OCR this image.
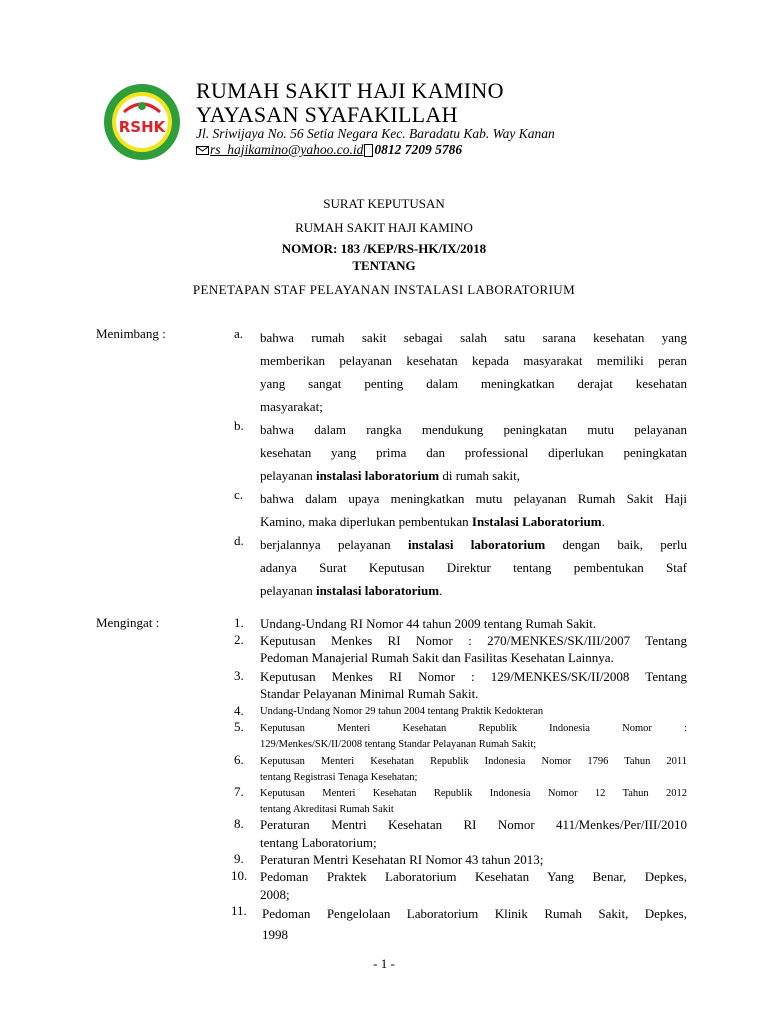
RSHK
RUMAH SAKIT HAJI KAMINO
YAYASAN SYAFAKILLAH
Jl. Sriwijaya No. 56 Setia Negara Kec. Baradatu Kab. Way Kanan
rs_hajikamino@yahoo.co.id 0812 7209 5786
SURAT KEPUTUSAN
RUMAH SAKIT HAJI KAMINO
NOMOR: 183 /KEP/RS-HK/IX/2018
TENTANG
PENETAPAN STAF PELAYANAN INSTALASI LABORATORIUM
Menimbang :	a. bahwa rumah sakit sebagai salah satu sarana kesehatan yang
memberikan pelayanan kesehatan kepada masyarakat memiliki peran
yang sangat penting dalam meningkatkan derajat kesehatan
masyarakat;
b. bahwa dalam rangka mendukung peningkatan mutu pelayanan
kesehatan yang prima dan professional diperlukan peningkatan
pelayanan instalasi laboratorium di rumah sakit,
c. bahwa dalam upaya meningkatkan mutu pelayanan Rumah Sakit Haji
Kamino, maka diperlukan pembentukan Instalasi Laboratorium.
d. berjalannya pelayanan instalasi laboratorium dengan baik, perlu
adanya Surat Keputusan Direktur tentang pembentukan Staf
pelayanan instalasi laboratorium.
Mengingat :	1. Undang-Undang RI Nomor 44 tahun 2009 tentang Rumah Sakit.
2. Keputusan Menkes RI Nomor : 270/MENKES/SK/III/2007 Tentang
Pedoman Manajerial Rumah Sakit dan Fasilitas Kesehatan Lainnya.
3. Keputusan Menkes RI Nomor : 129/MENKES/SK/II/2008 Tentang
Standar Pelayanan Minimal Rumah Sakit.
4. Undang-Undang Nomor 29 tahun 2004 tentang Praktik Kedokteran
5. Keputusan Menteri Kesehatan Republik Indonesia Nomor :
129/Menkes/SK/II/2008 tentang Standar Pelayanan Rumah Sakit;
6. Keputusan Menteri Kesehatan Republik Indonesia Nomor 1796 Tahun 2011
tentang Registrasi Tenaga Kesehatan;
7. Keputusan Menteri Kesehatan Republik Indonesia Nomor 12 Tahun 2012
tentang Akreditasi Rumah Sakit
8. Peraturan Mentri Kesehatan RI Nomor 411/Menkes/Per/III/2010
tentang Laboratorium;
9. Peraturan Mentri Kesehatan RI Nomor 43 tahun 2013;
10. Pedoman Praktek Laboratorium Kesehatan Yang Benar, Depkes,
2008;
11. Pedoman Pengelolaan Laboratorium Klinik Rumah Sakit, Depkes,
1998
- 1 -
